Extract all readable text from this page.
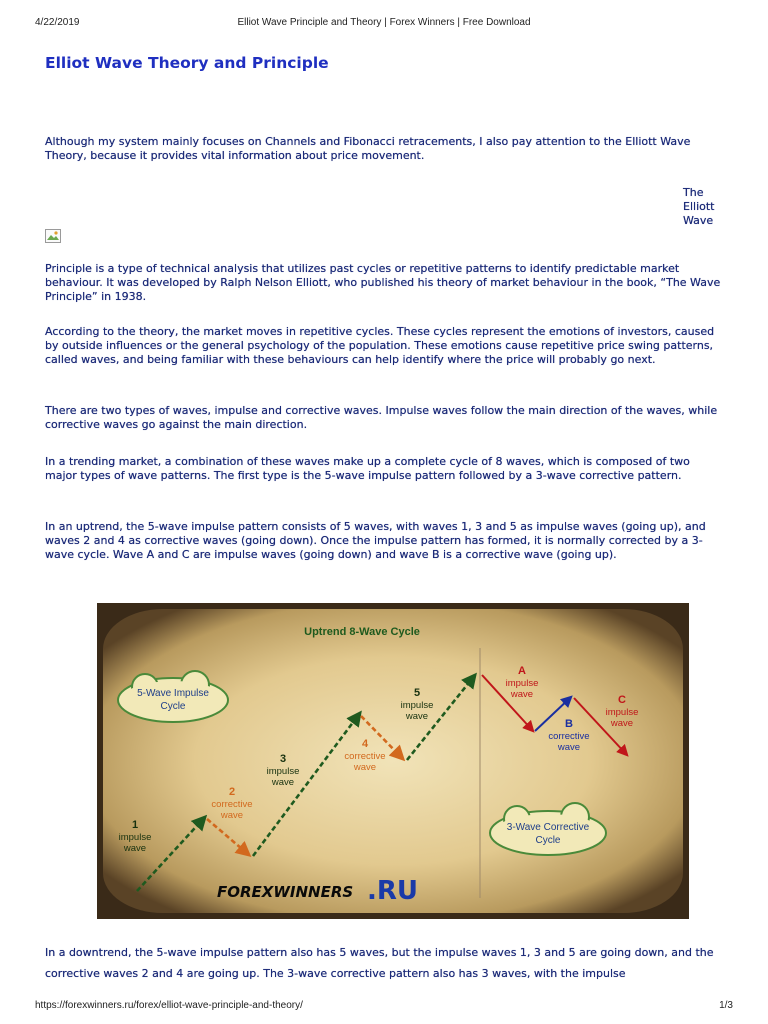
4/22/2019	Elliot Wave Principle and Theory | Forex Winners | Free Download
Elliot Wave Theory and Principle

Although my system mainly focuses on Channels and Fibonacci retracements, I also pay attention to the Elliott Wave Theory, because it provides vital information about price movement.

The Elliott Wave

Principle is a type of technical analysis that utilizes past cycles or repetitive patterns to identify predictable market behaviour. It was developed by Ralph Nelson Elliott, who published his theory of market behaviour in the book, “The Wave Principle” in 1938.

According to the theory, the market moves in repetitive cycles. These cycles represent the emotions of investors, caused by outside influences or the general psychology of the population. These emotions cause repetitive price swing patterns, called waves, and being familiar with these behaviours can help identify where the price will probably go next.

There are two types of waves, impulse and corrective waves. Impulse waves follow the main direction of the waves, while corrective waves go against the main direction.

In a trending market, a combination of these waves make up a complete cycle of 8 waves, which is composed of two major types of wave patterns. The first type is the 5-wave impulse pattern followed by a 3-wave corrective pattern.

In an uptrend, the 5-wave impulse pattern consists of 5 waves, with waves 1, 3 and 5 as impulse waves (going up), and waves 2 and 4 as corrective waves (going down). Once the impulse pattern has formed, it is normally corrected by a 3-wave cycle. Wave A and C are impulse waves (going down) and wave B is a corrective wave (going up).

Uptrend 8-Wave Cycle
5-Wave Impulse
Cycle
3-Wave Corrective
Cycle
1
impulse
wave
2
corrective
wave
3
impulse
wave
4
corrective
wave
5
impulse
wave
A
impulse
wave
B
corrective
wave
C
impulse
wave
FOREXWINNERS .RU

In a downtrend, the 5-wave impulse pattern also has 5 waves, but the impulse waves 1, 3 and 5 are going down, and the corrective waves 2 and 4 are going up. The 3-wave corrective pattern also has 3 waves, with the impulse

https://forexwinners.ru/forex/elliot-wave-principle-and-theory/	1/3
